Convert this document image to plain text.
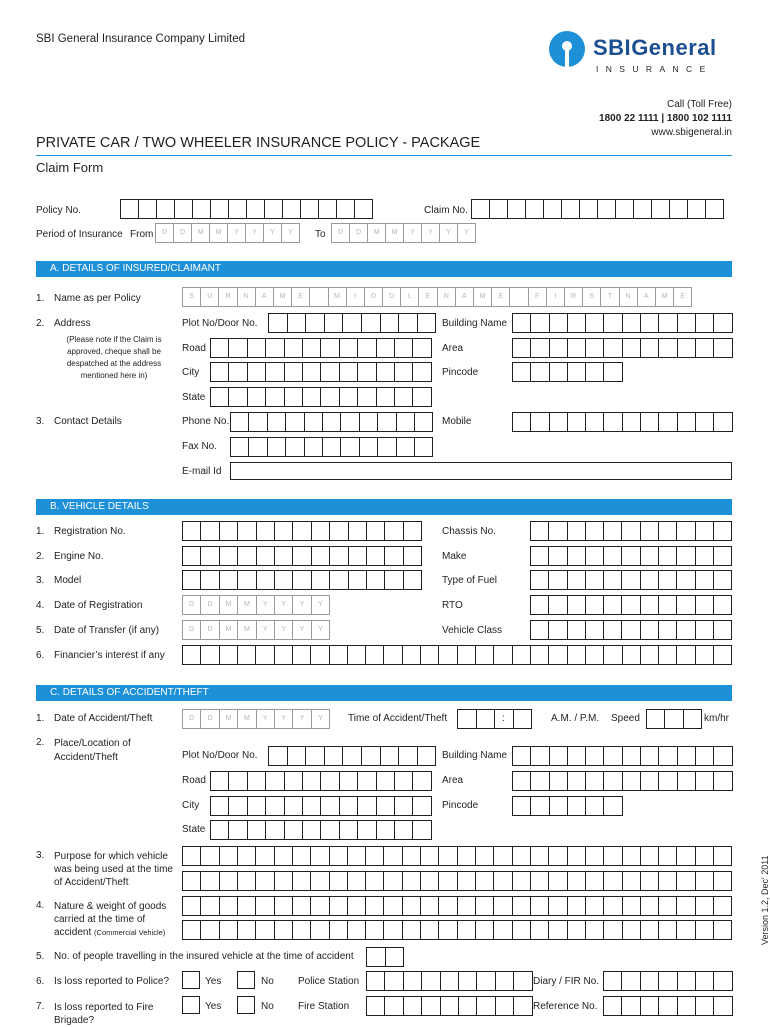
SBI General Insurance Company Limited	SBIGeneral
INSURANCE
Call (Toll Free)
1800 22 1111 | 1800 102 1111
www.sbigeneral.in
PRIVATE CAR / TWO WHEELER INSURANCE POLICY - PACKAGE
Claim Form
Policy No.	Claim No.
Period of Insurance From	D	D	M	M	Y	Y	Y	Y	To	D	D	M	M	Y	Y	Y	Y
A. DETAILS OF INSURED/CLAIMANT
1. Name as per Policy	S	U	R	N	A	M	E	M	I	D	D	L	E	N	A	M	E	F	I	R	S	T	N	A	M	E
2. Address
(Please note if the Claim is approved, cheque shall be despatched at the address mentioned here in)
Plot No/Door No.	Building Name
Road	Area
City	Pincode
State
3. Contact Details	Phone No.	Mobile
Fax No.
E-mail Id
B. VEHICLE DETAILS
1. Registration No.	Chassis No.
2. Engine No.	Make
3. Model	Type of Fuel
4. Date of Registration	D	D	M	M	Y	Y	Y	Y	RTO
5. Date of Transfer (if any)	D	D	M	M	Y	Y	Y	Y	Vehicle Class
6. Financier’s interest if any
C. DETAILS OF ACCIDENT/THEFT
1. Date of Accident/Theft	D	D	M	M	Y	Y	Y	Y	Time of Accident/Theft	:	A.M. / P.M. Speed	km/hr
2. Place/Location of Accident/Theft	Plot No/Door No.	Building Name
Road	Area
City	Pincode
State
3. Purpose for which vehicle was being used at the time of Accident/Theft
4. Nature & weight of goods carried at the time of accident (Commercial Vehicle)
5. No. of people travelling in the insured vehicle at the time of accident
6. Is loss reported to Police?	Yes	No Police Station	Diary / FIR No.
7. Is loss reported to Fire Brigade?
Yes	No Fire Station	Reference No.
Version 1.2, Dec' 2011
